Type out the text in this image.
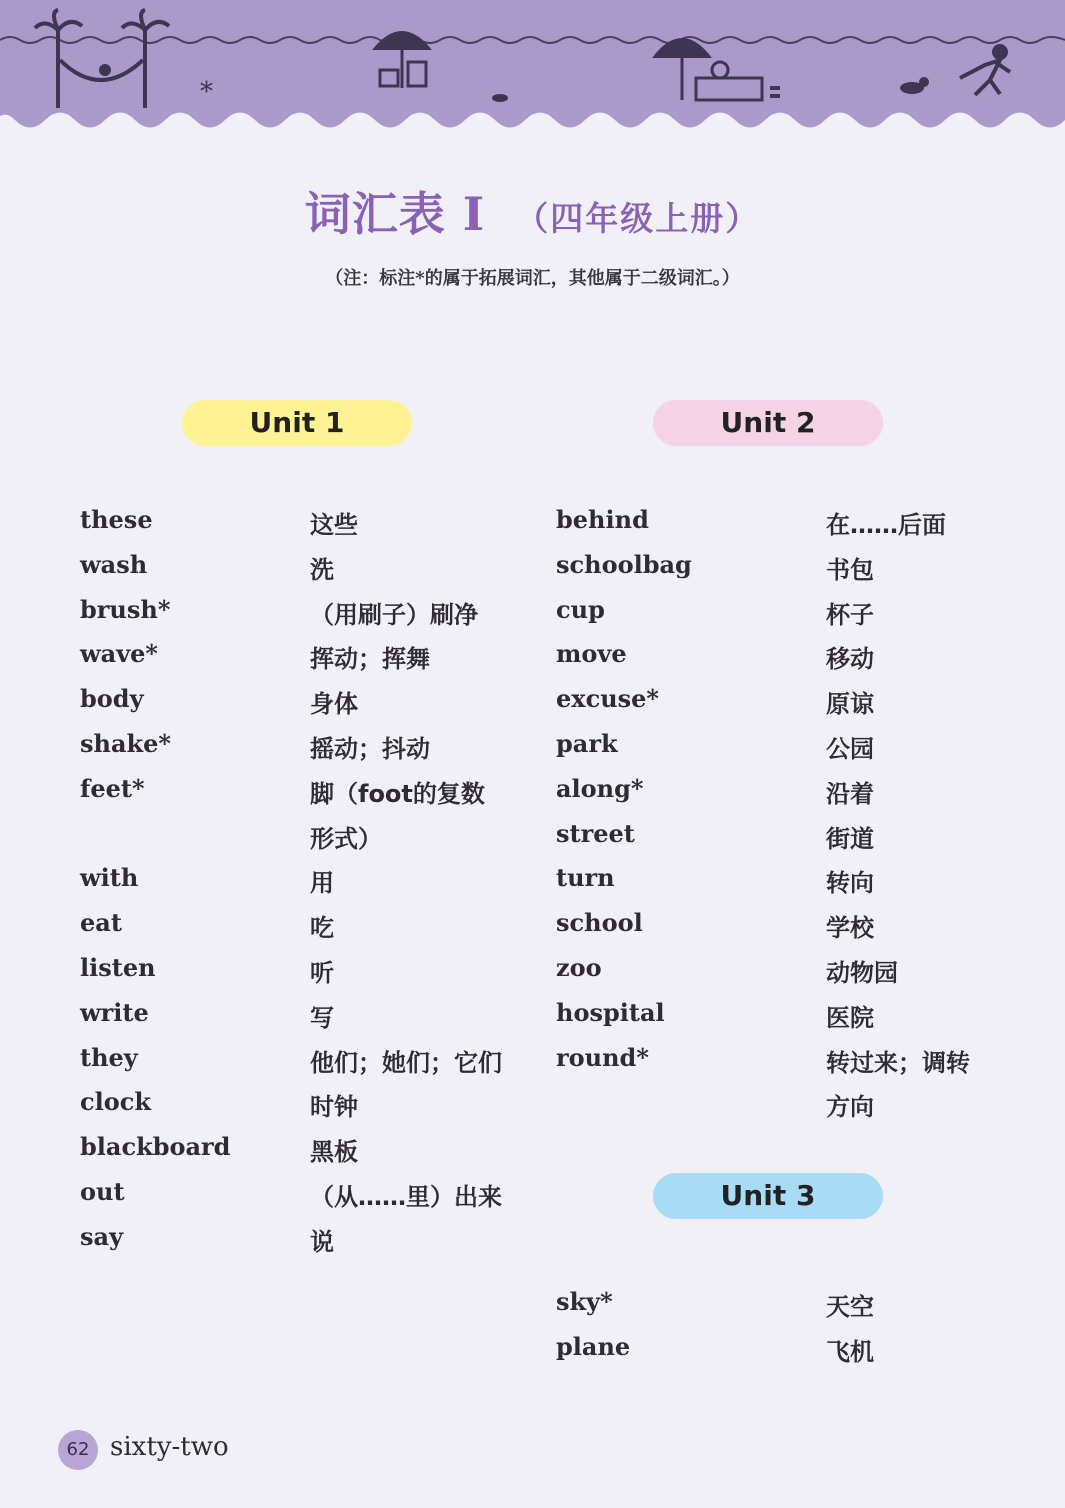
*
词汇表 I （四年级上册）
（注：标注*的属于拓展词汇，其他属于二级词汇。）
Unit 1	Unit 2
Unit 3
these	这些
wash	洗
brush*	（用刷子）刷净
wave*	挥动；挥舞
body	身体
shake*	摇动；抖动
feet*	脚（foot的复数
形式）
with	用
eat	吃
listen	听
write	写
they	他们；她们；它们
clock	时钟
blackboard	黑板
out	（从……里）出来
say	说
behind	在……后面
schoolbag	书包
cup	杯子
move	移动
excuse*	原谅
park	公园
along*	沿着
street	街道
turn	转向
school	学校
zoo	动物园
hospital	医院
round*	转过来；调转
方向
sky*	天空
plane	飞机
62 sixty-two
